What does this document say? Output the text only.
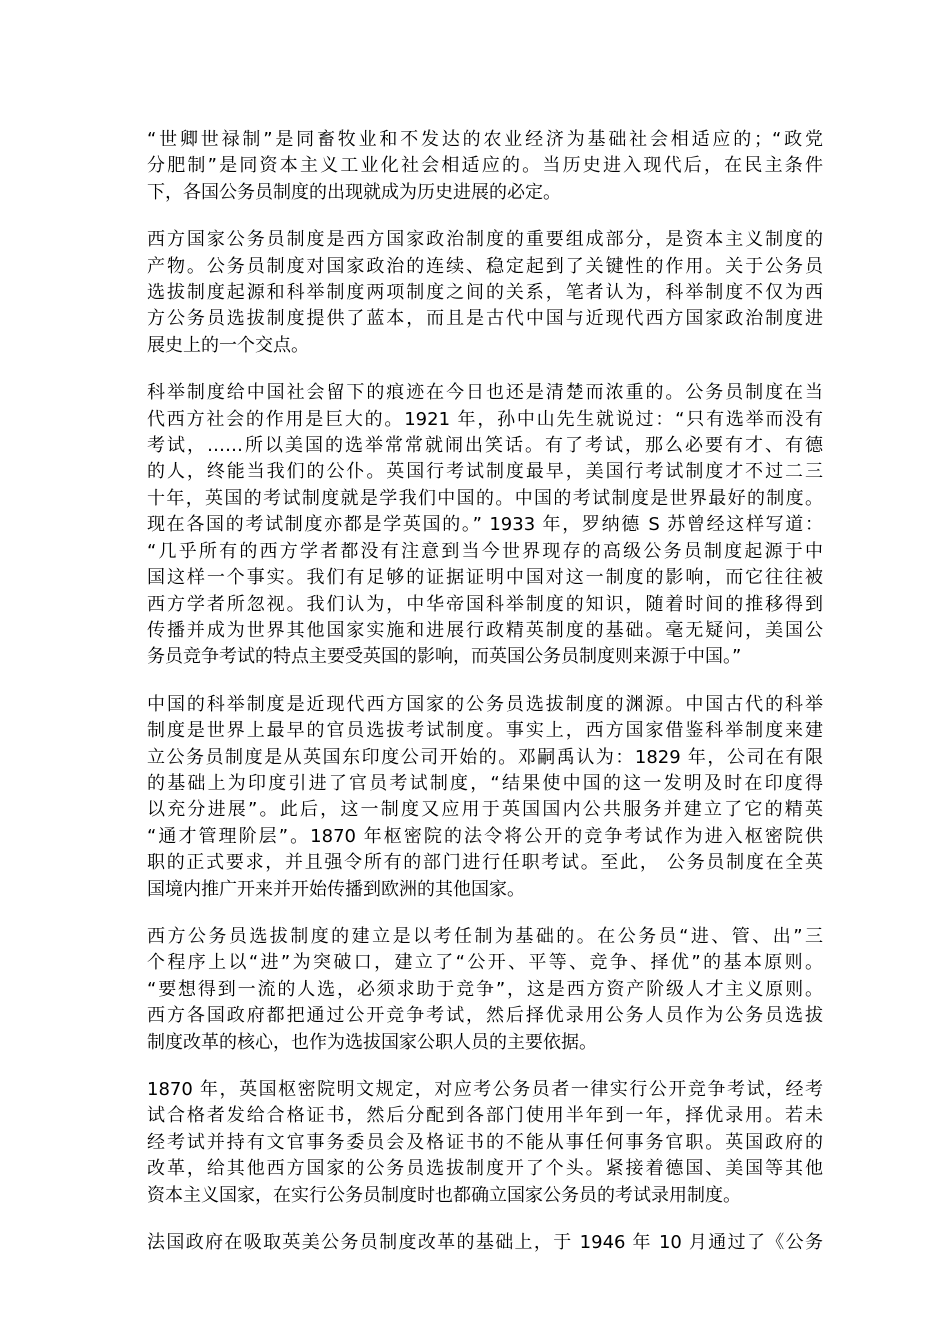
“世卿世禄制”是同畜牧业和不发达的农业经济为基础社会相适应的；“政党
分肥制”是同资本主义工业化社会相适应的。当历史进入现代后，在民主条件
下，各国公务员制度的出现就成为历史进展的必定。

西方国家公务员制度是西方国家政治制度的重要组成部分，是资本主义制度的
产物。公务员制度对国家政治的连续、稳定起到了关键性的作用。关于公务员
选拔制度起源和科举制度两项制度之间的关系，笔者认为，科举制度不仅为西
方公务员选拔制度提供了蓝本，而且是古代中国与近现代西方国家政治制度进
展史上的一个交点。

科举制度给中国社会留下的痕迹在今日也还是清楚而浓重的。公务员制度在当
代西方社会的作用是巨大的。1921 年，孙中山先生就说过：“只有选举而没有
考试，……所以美国的选举常常就闹出笑话。有了考试，那么必要有才、有德
的人，终能当我们的公仆。英国行考试制度最早，美国行考试制度才不过二三
十年，英国的考试制度就是学我们中国的。中国的考试制度是世界最好的制度。
现在各国的考试制度亦都是学英国的。” 1933 年，罗纳德 S 苏曾经这样写道：
“几乎所有的西方学者都没有注意到当今世界现存的高级公务员制度起源于中
国这样一个事实。我们有足够的证据证明中国对这一制度的影响，而它往往被
西方学者所忽视。我们认为，中华帝国科举制度的知识，随着时间的推移得到
传播并成为世界其他国家实施和进展行政精英制度的基础。毫无疑问，美国公
务员竞争考试的特点主要受英国的影响，而英国公务员制度则来源于中国。”

中国的科举制度是近现代西方国家的公务员选拔制度的渊源。中国古代的科举
制度是世界上最早的官员选拔考试制度。事实上，西方国家借鉴科举制度来建
立公务员制度是从英国东印度公司开始的。邓嗣禹认为：1829 年，公司在有限
的基础上为印度引进了官员考试制度，“结果使中国的这一发明及时在印度得
以充分进展”。此后，这一制度又应用于英国国内公共服务并建立了它的精英
“通才管理阶层”。1870 年枢密院的法令将公开的竞争考试作为进入枢密院供
职的正式要求，并且强令所有的部门进行任职考试。至此， 公务员制度在全英
国境内推广开来并开始传播到欧洲的其他国家。

西方公务员选拔制度的建立是以考任制为基础的。在公务员“进、管、出”三
个程序上以“进”为突破口，建立了“公开、平等、竞争、择优”的基本原则。
“要想得到一流的人选，必须求助于竞争”，这是西方资产阶级人才主义原则。
西方各国政府都把通过公开竞争考试，然后择优录用公务人员作为公务员选拔
制度改革的核心，也作为选拔国家公职人员的主要依据。

1870 年，英国枢密院明文规定，对应考公务员者一律实行公开竞争考试，经考
试合格者发给合格证书，然后分配到各部门使用半年到一年，择优录用。若未
经考试并持有文官事务委员会及格证书的不能从事任何事务官职。英国政府的
改革，给其他西方国家的公务员选拔制度开了个头。紧接着德国、美国等其他
资本主义国家，在实行公务员制度时也都确立国家公务员的考试录用制度。

法国政府在吸取英美公务员制度改革的基础上，于 1946 年 10 月通过了《公务
